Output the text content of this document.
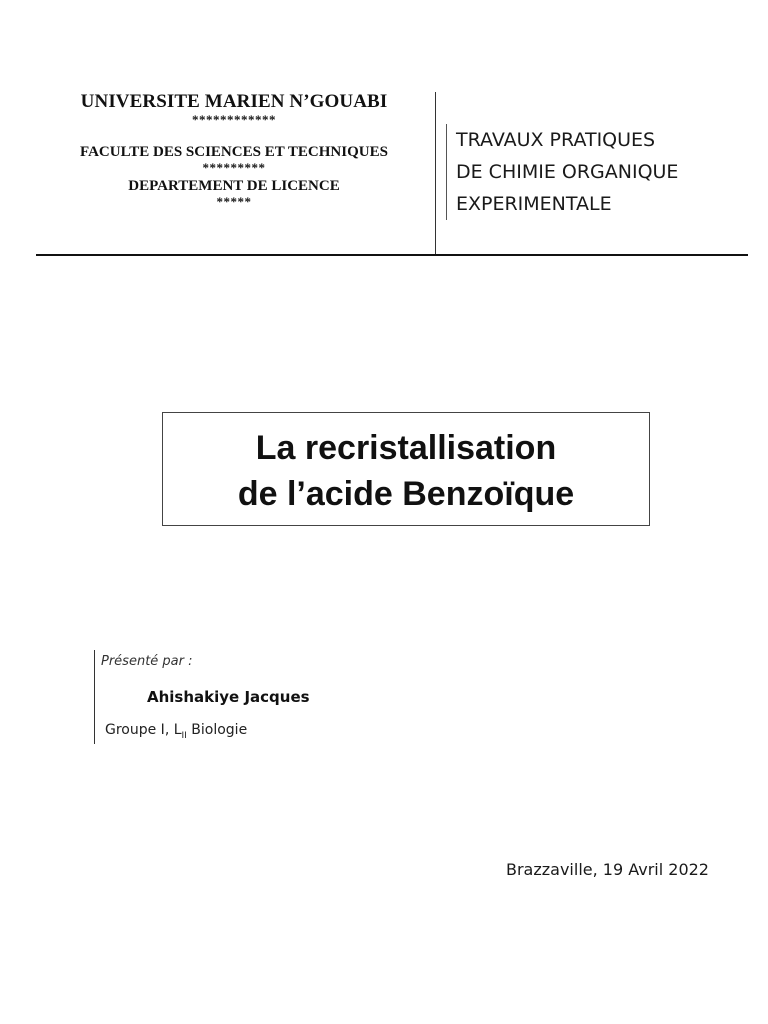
UNIVERSITE MARIEN N’GOUABI
************
FACULTE DES SCIENCES ET TECHNIQUES
*********
DEPARTEMENT DE LICENCE
*****
TRAVAUX PRATIQUES
DE CHIMIE ORGANIQUE
EXPERIMENTALE
La recristallisation
de l’acide Benzoïque
Présenté par :
Ahishakiye Jacques
Groupe I, $L_{II}$ Biologie
Brazzaville, 19 Avril 2022
